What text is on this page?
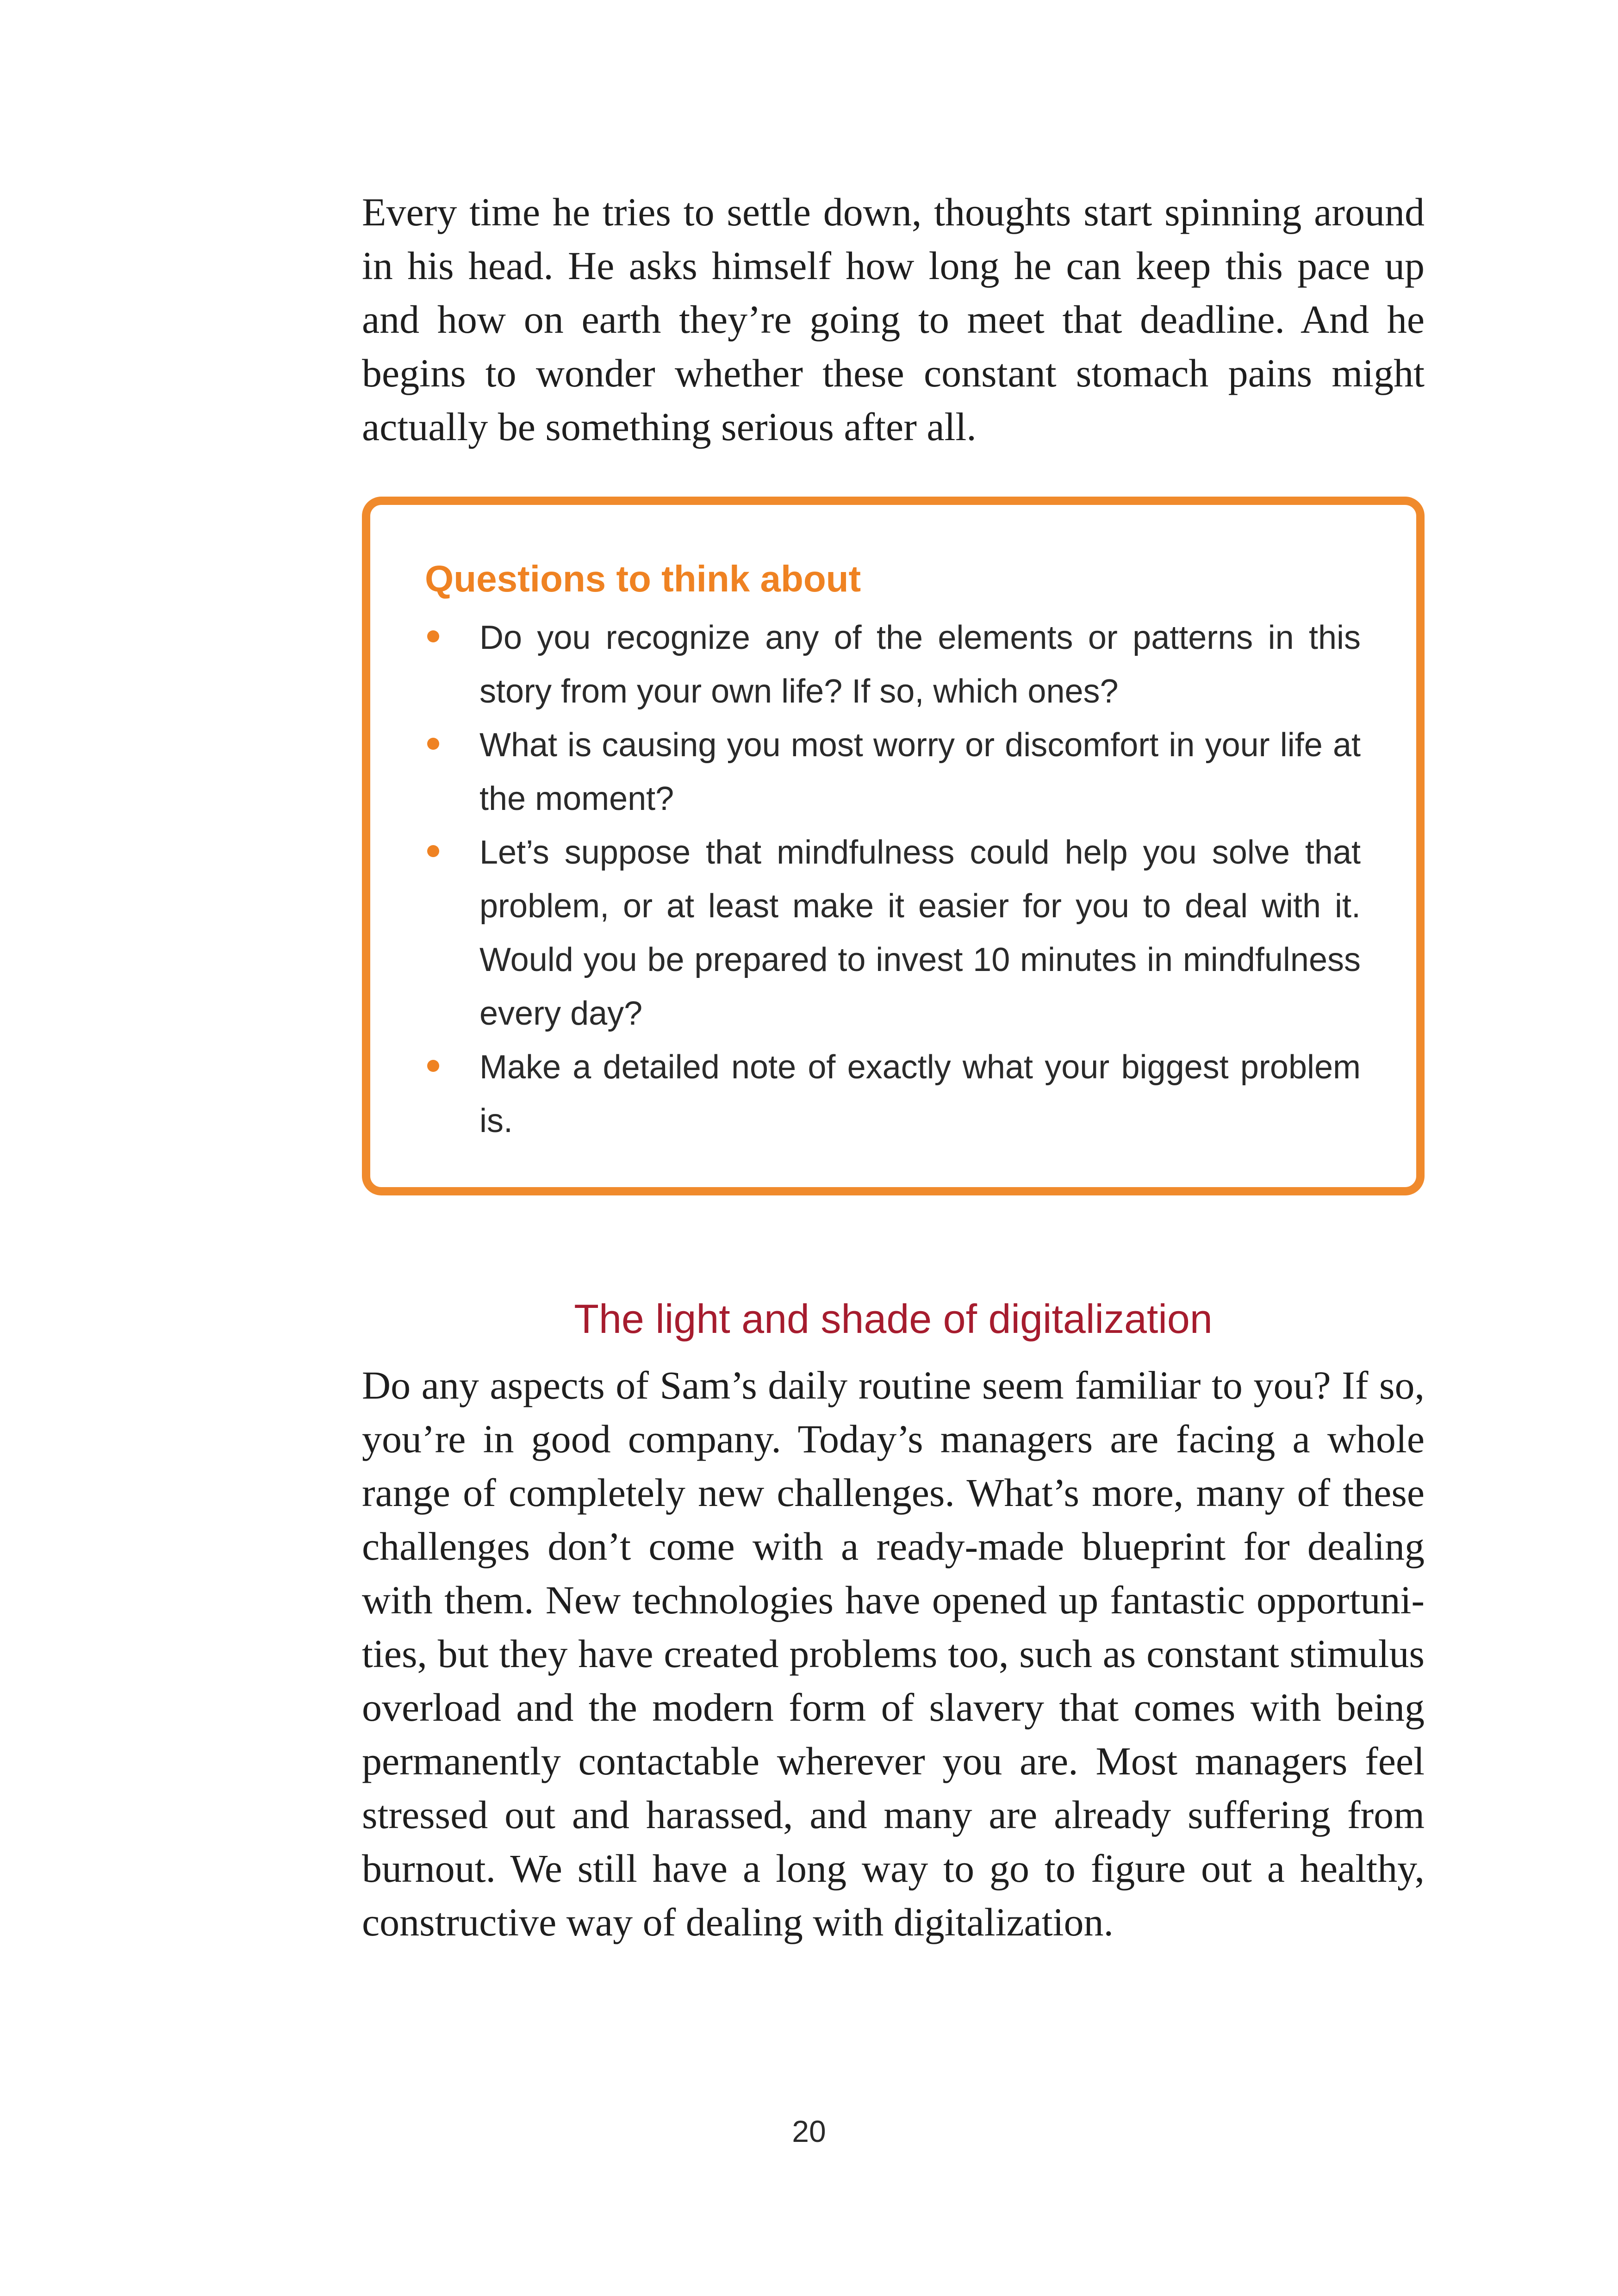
Every time he tries to settle down, thoughts start spinning around in his head. He asks himself how long he can keep this pace up and how on earth they’re going to meet that deadline. And he begins to wonder whether these constant stomach pains might actually be something serious after all.

Questions to think about
Do you recognize any of the elements or patterns in this story from your own life? If so, which ones?
What is causing you most worry or discomfort in your life at the moment?
Let’s suppose that mindfulness could help you solve that problem, or at least make it easier for you to deal with it. Would you be prepared to invest 10 minutes in mindfulness every day?
Make a detailed note of exactly what your biggest problem is.
The light and shade of digitalization

Do any aspects of Sam’s daily routine seem familiar to you? If so, you’re in good company. Today’s managers are facing a whole range of completely new challenges. What’s more, many of these challenges don’t come with a ready-made blueprint for dealing with them. New technologies have opened up fantastic opportunities, but they have created problems too, such as constant stimulus overload and the modern form of slavery that comes with being permanently contactable wherever you are. Most managers feel stressed out and harassed, and many are already suffering from burnout. We still have a long way to go to figure out a healthy, constructive way of dealing with digitalization.

20
